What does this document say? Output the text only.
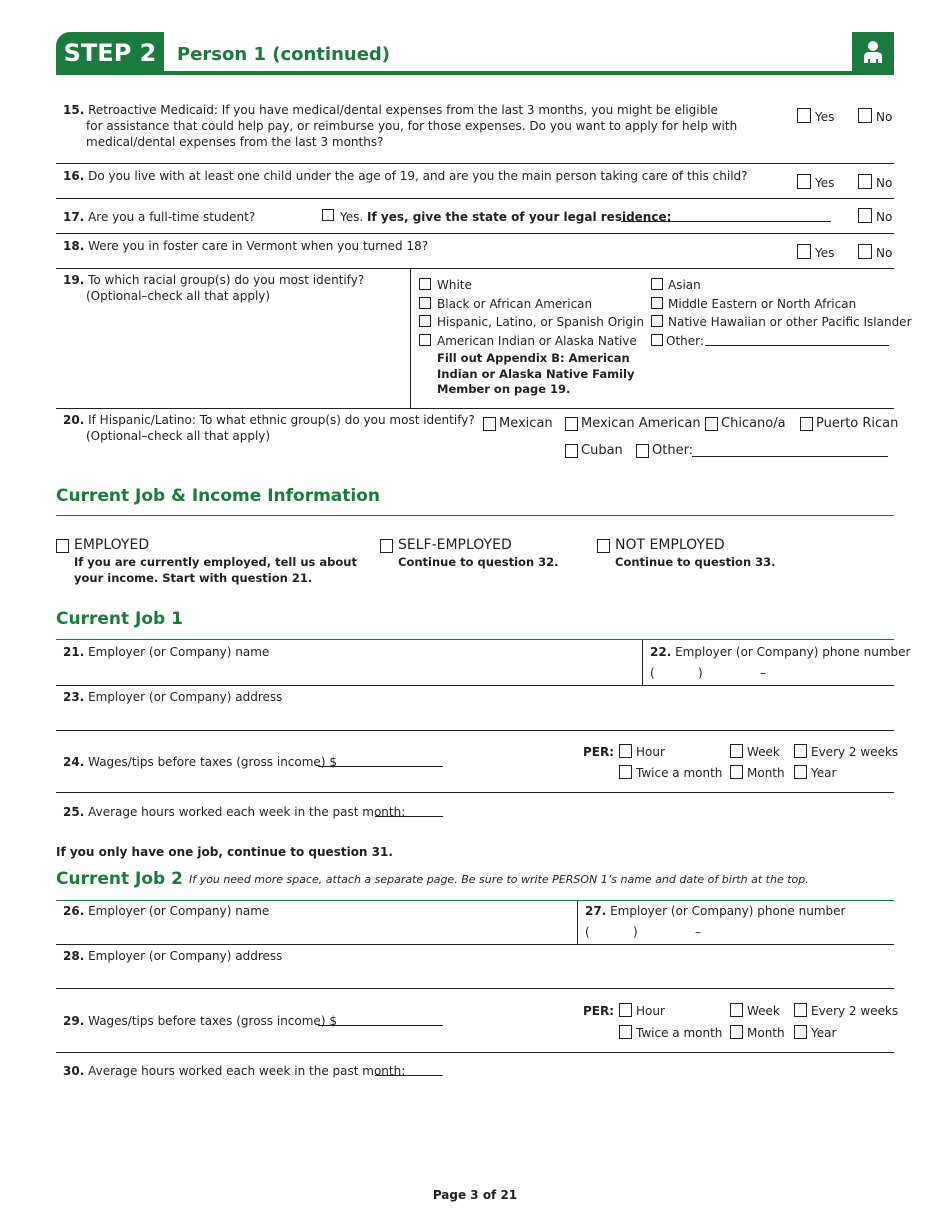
STEP 2	Person 1 (continued)
15. Retroactive Medicaid: If you have medical/dental expenses from the last 3 months, you might be eligible
for assistance that could help pay, or reimburse you, for those expenses. Do you want to apply for help with
medical/dental expenses from the last 3 months?
Yes	No
16. Do you live with at least one child under the age of 19, and are you the main person taking care of this child?	Yes	No
17. Are you a full-time student?	Yes. If yes, give the state of your legal residence:	No
18. Were you in foster care in Vermont when you turned 18?	Yes	No
19. To which racial group(s) do you most identify?
(Optional–check all that apply)
White
Black or African American
Hispanic, Latino, or Spanish Origin
American Indian or Alaska Native
Fill out Appendix B: American
Indian or Alaska Native Family
Member on page 19.
Asian
Middle Eastern or North African
Native Hawaiian or other Pacific Islander
Other:
20. If Hispanic/Latino: To what ethnic group(s) do you most identify?
(Optional–check all that apply)
Mexican Mexican American Chicano/a Puerto Rican
Cuban Other:
Current Job & Income Information
EMPLOYED
If you are currently employed, tell us about
your income. Start with question 21.
SELF-EMPLOYED
Continue to question 32.
NOT EMPLOYED
Continue to question 33.
Current Job 1
21. Employer (or Company) name	22. Employer (or Company) phone number
(	)	–
23. Employer (or Company) address
24. Wages/tips before taxes (gross income) $
PER: Hour	Week	Every 2 weeks
Twice a month Month Year
25. Average hours worked each week in the past month:
If you only have one job, continue to question 31.
Current Job 2 If you need more space, attach a separate page. Be sure to write PERSON 1’s name and date of birth at the top.
26. Employer (or Company) name	27. Employer (or Company) phone number
(	)	–
28. Employer (or Company) address
29. Wages/tips before taxes (gross income) $
PER: Hour	Week	Every 2 weeks
Twice a month Month Year
30. Average hours worked each week in the past month:
Page 3 of 21
